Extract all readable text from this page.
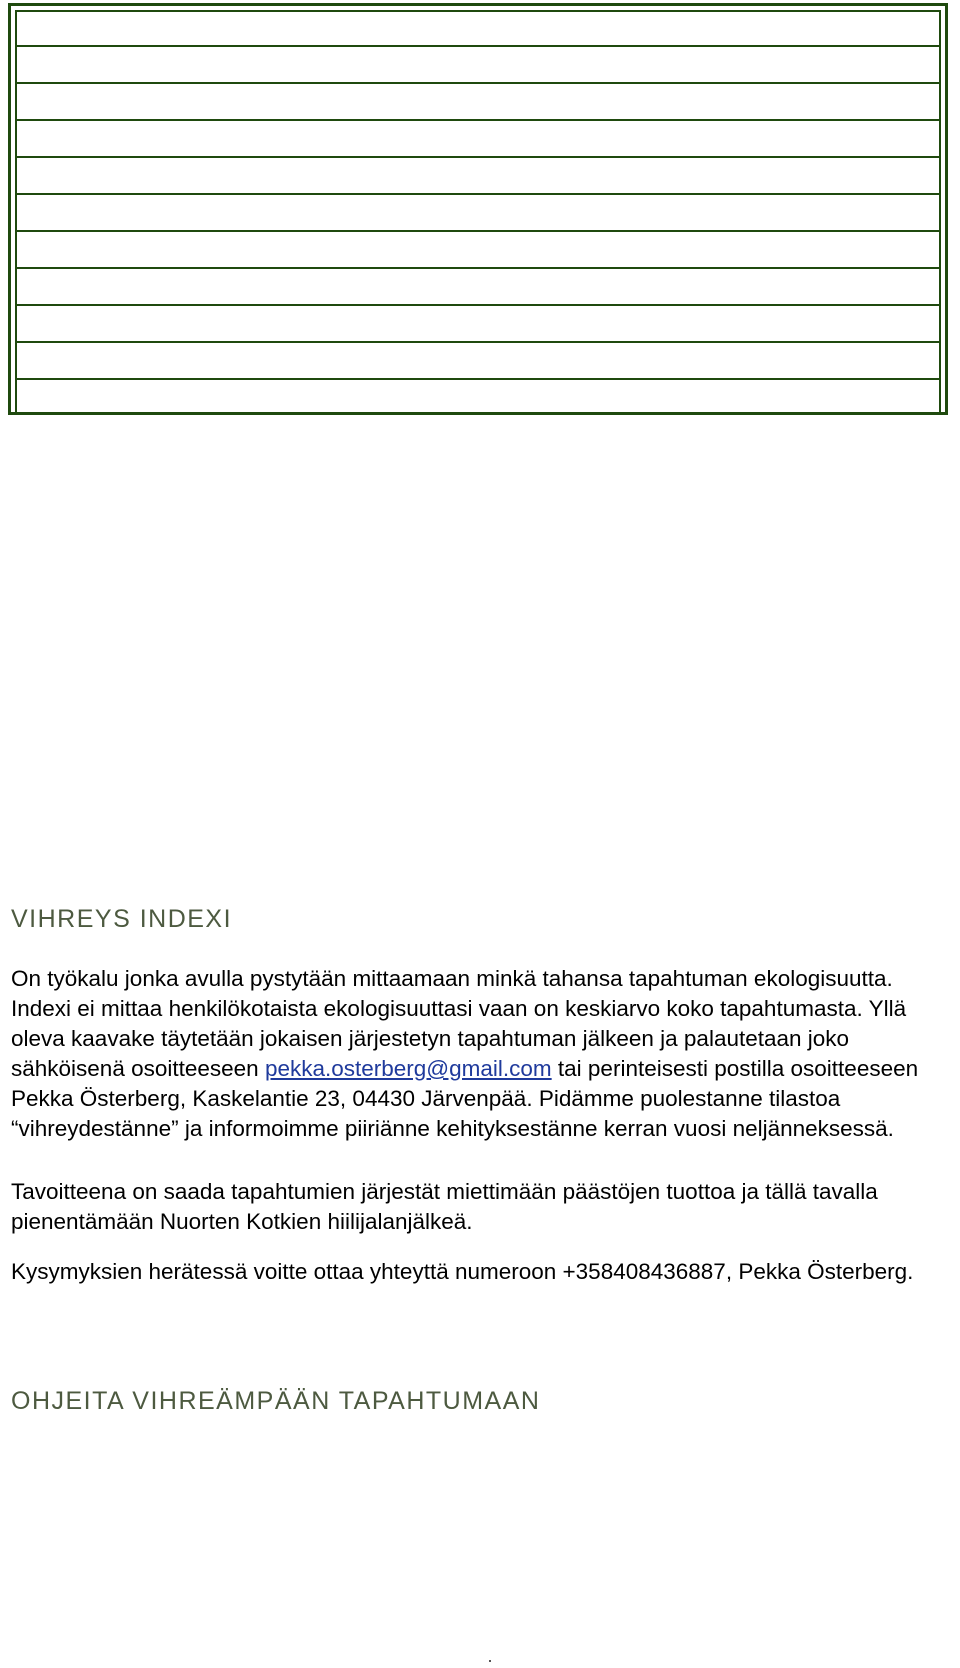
VIHREYS INDEXI

On työkalu jonka avulla pystytään mittaamaan minkä tahansa tapahtuman ekologisuutta. Indexi ei mittaa henkilökotaista ekologisuuttasi vaan on keskiarvo koko tapahtumasta. Yllä oleva kaavake täytetään jokaisen järjestetyn tapahtuman jälkeen ja palautetaan joko sähköisenä osoitteeseen pekka.osterberg@gmail.com tai perinteisesti postilla osoitteeseen Pekka Österberg, Kaskelantie 23, 04430 Järvenpää. Pidämme puolestanne tilastoa “vihreydestänne” ja informoimme piiriänne kehityksestänne kerran vuosi neljänneksessä.

Tavoitteena on saada tapahtumien järjestät miettimään päästöjen tuottoa ja tällä tavalla pienentämään Nuorten Kotkien hiilijalanjälkeä.

Kysymyksien herätessä voitte ottaa yhteyttä numeroon +358408436887, Pekka Österberg.

OHJEITA VIHREÄMPÄÄN TAPAHTUMAAN
